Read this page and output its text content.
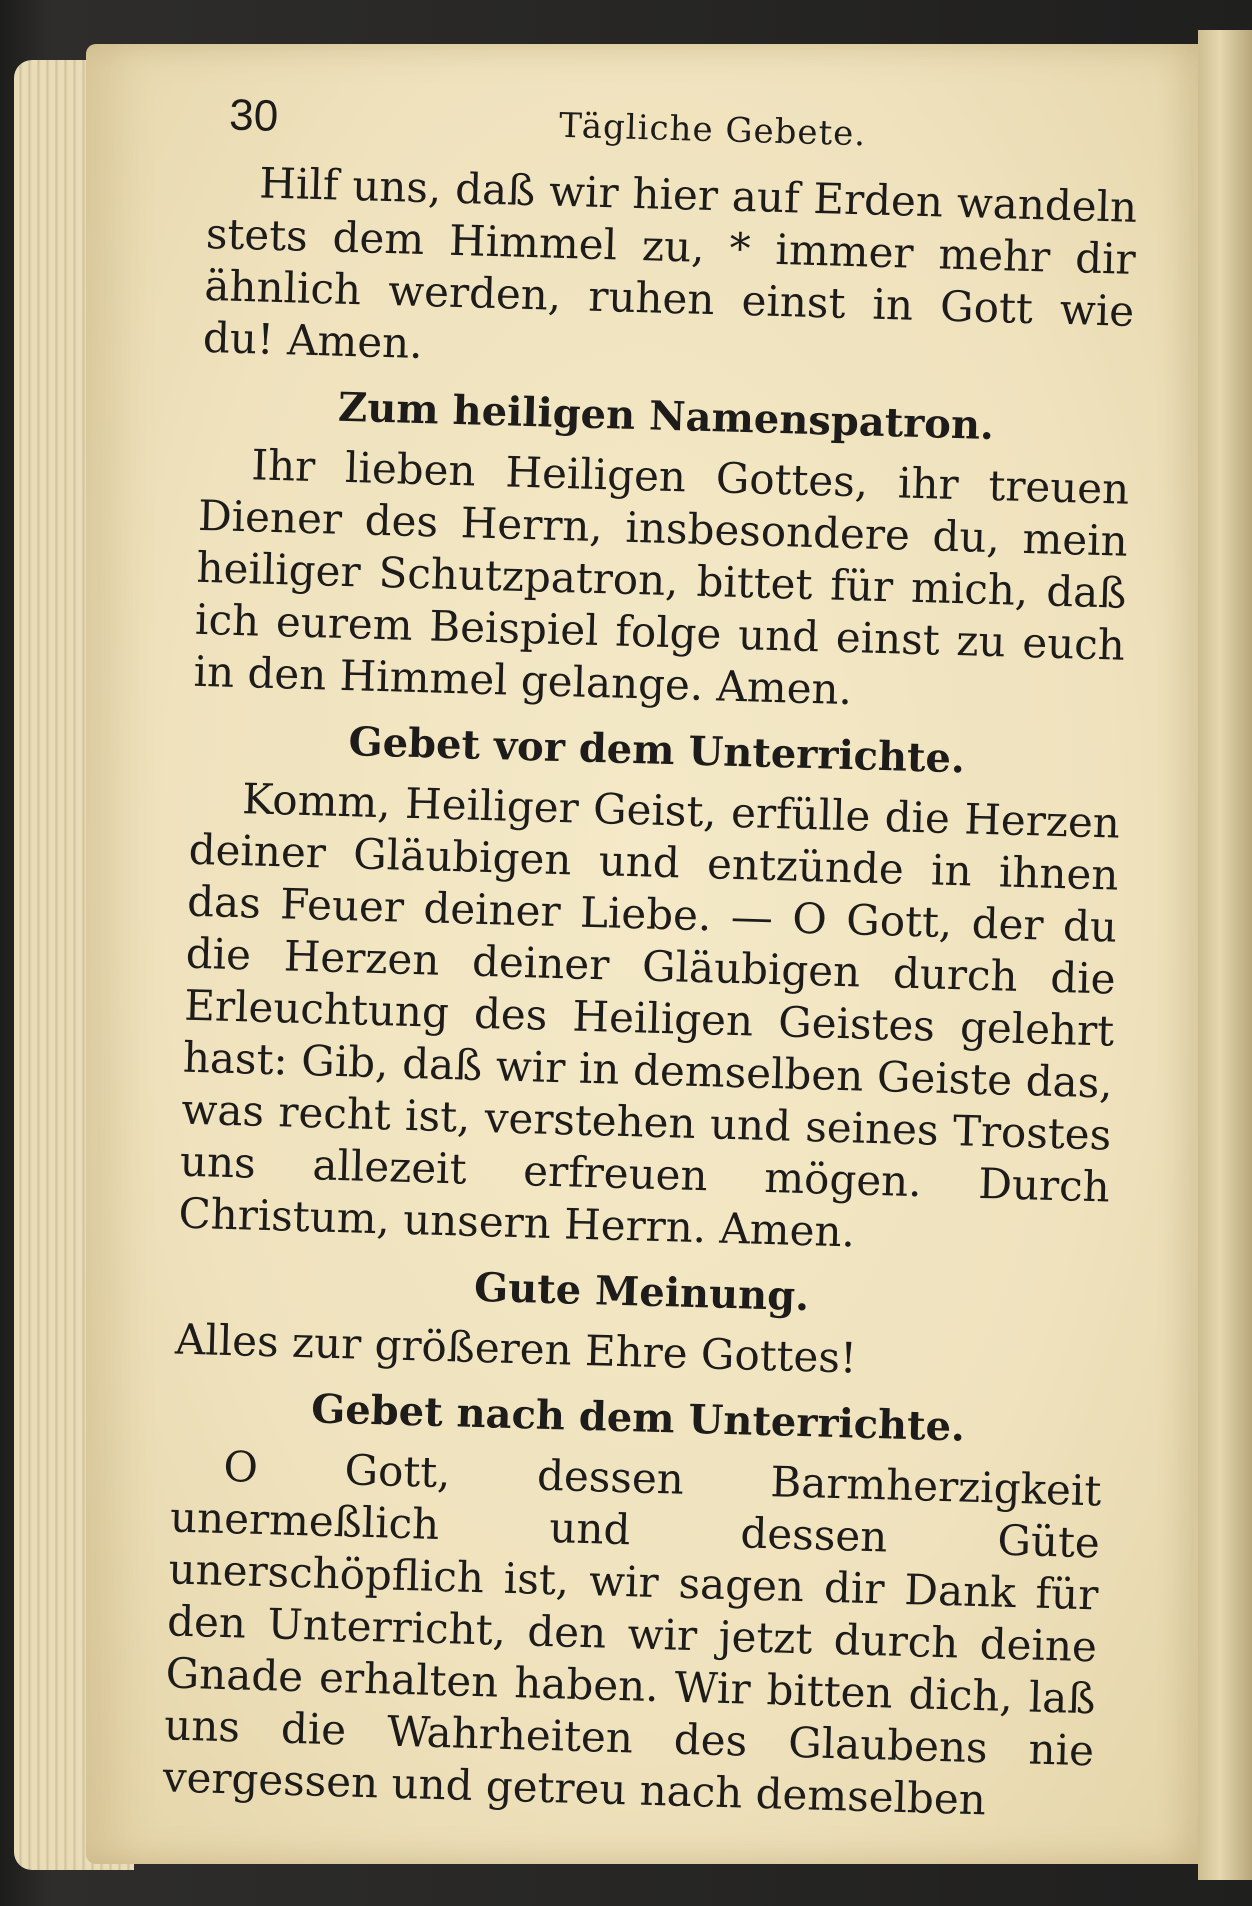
30	Tägliche Gebete.

Hilf uns, daß wir hier auf Erden wandeln stets dem Himmel zu, * immer mehr dir ähnlich werden, ruhen einst in Gott wie du! Amen.

Zum heiligen Namenspatron.

Ihr lieben Heiligen Gottes, ihr treuen Diener des Herrn, insbesondere du, mein heiliger Schutzpatron, bittet für mich, daß ich eurem Beispiel folge und einst zu euch in den Himmel gelange. Amen.

Gebet vor dem Unterrichte.

Komm, Heiliger Geist, erfülle die Herzen deiner Gläubigen und entzünde in ihnen das Feuer deiner Liebe. — O Gott, der du die Herzen deiner Gläubigen durch die Erleuchtung des Heiligen Geistes gelehrt hast: Gib, daß wir in demselben Geiste das, was recht ist, verstehen und seines Trostes uns allezeit erfreuen mögen. Durch Christum, unsern Herrn. Amen.

Gute Meinung.

Alles zur größeren Ehre Gottes!

Gebet nach dem Unterrichte.

O Gott, dessen Barmherzigkeit unermeßlich und dessen Güte unerschöpflich ist, wir sagen dir Dank für den Unterricht, den wir jetzt durch deine Gnade erhalten haben. Wir bitten dich, laß uns die Wahrheiten des Glaubens nie vergessen und getreu nach demselben
